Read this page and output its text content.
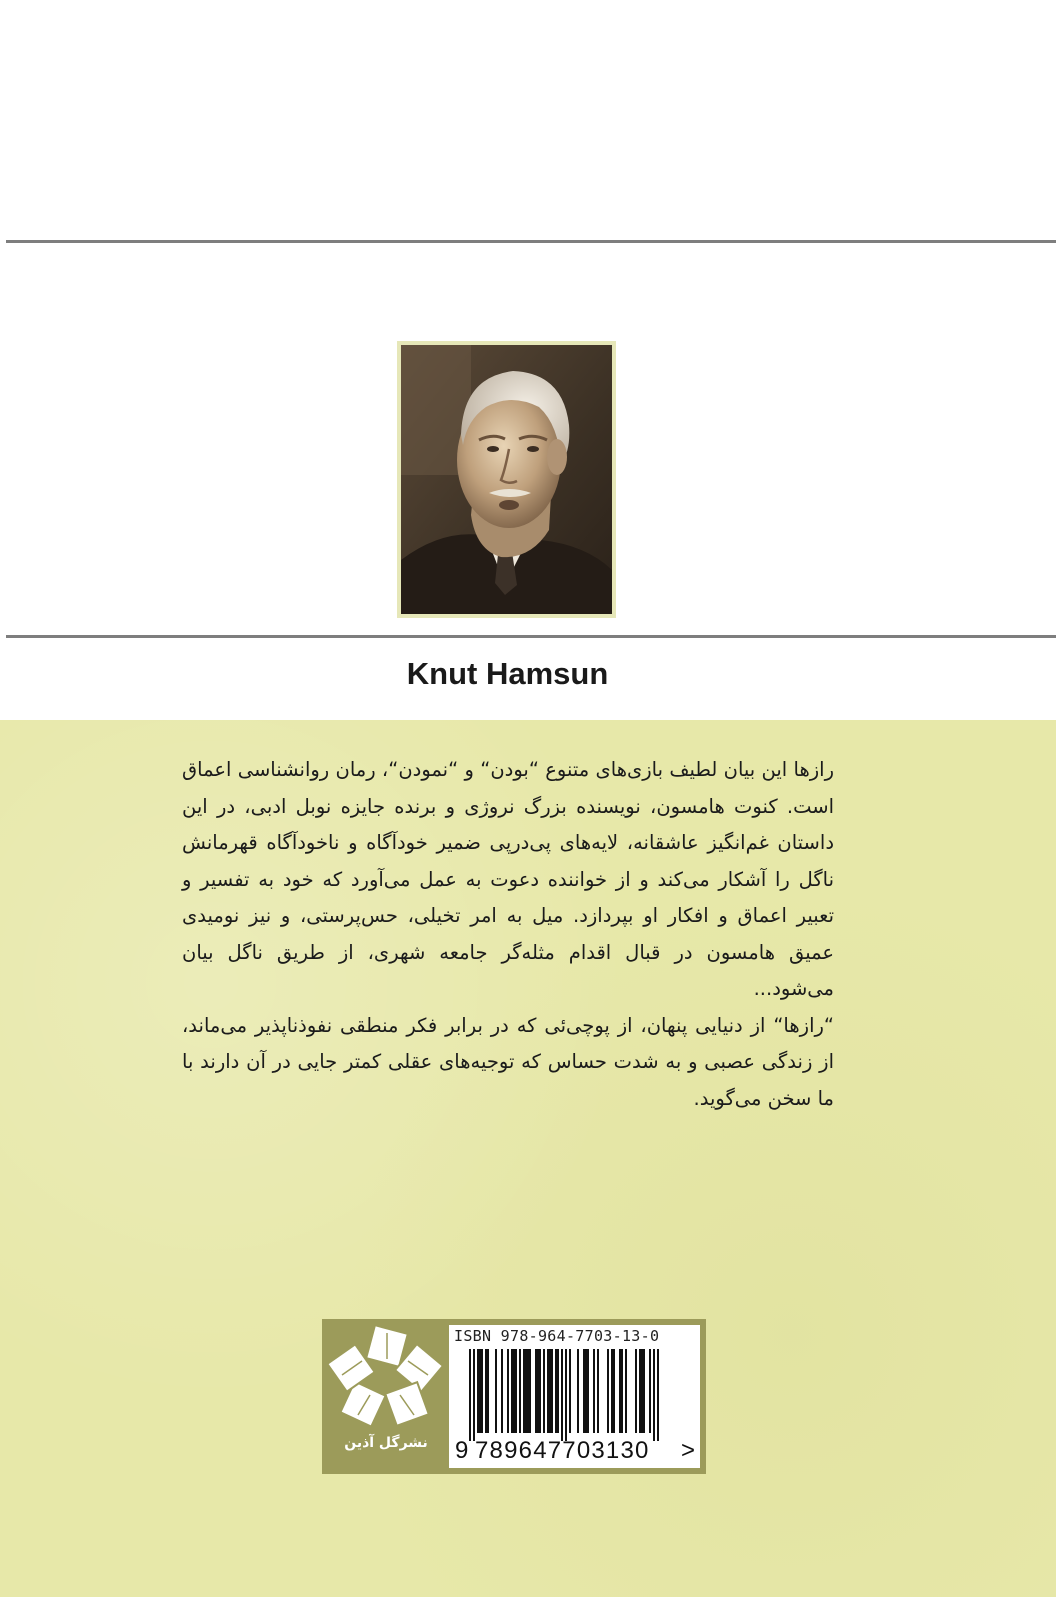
Knut Hamsun

رازها این بیان لطیف بازی‌های متنوع “بودن“ و “نمودن“، رمان روانشناسی اعماق است. کنوت هامسون، نویسنده بزرگ نروژی و برنده جایزه نوبل ادبی، در این داستان غم‌انگیز عاشقانه، لایه‌های پی‌درپی ضمیر خودآگاه و ناخودآگاه قهرمانش ناگل را آشکار می‌کند و از خواننده دعوت به عمل می‌آورد که خود به تفسیر و تعبیر اعماق و افکار او بپردازد. میل به امر تخیلی، حس‌پرستی، و نیز نومیدی عمیق هامسون در قبال اقدام مثله‌گر جامعه شهری، از طریق ناگل بیان می‌شود...

“رازها“ از دنیایی پنهان، از پوچی‌ئی که در برابر فکر منطقی نفوذناپذیر می‌ماند، از زندگی عصبی و به شدت حساس که توجیه‌های عقلی کمتر جایی در آن دارند با ما سخن می‌گوید.

نشرگل آذین
ISBN 978-964-7703-13-0
9 789647703130 >
